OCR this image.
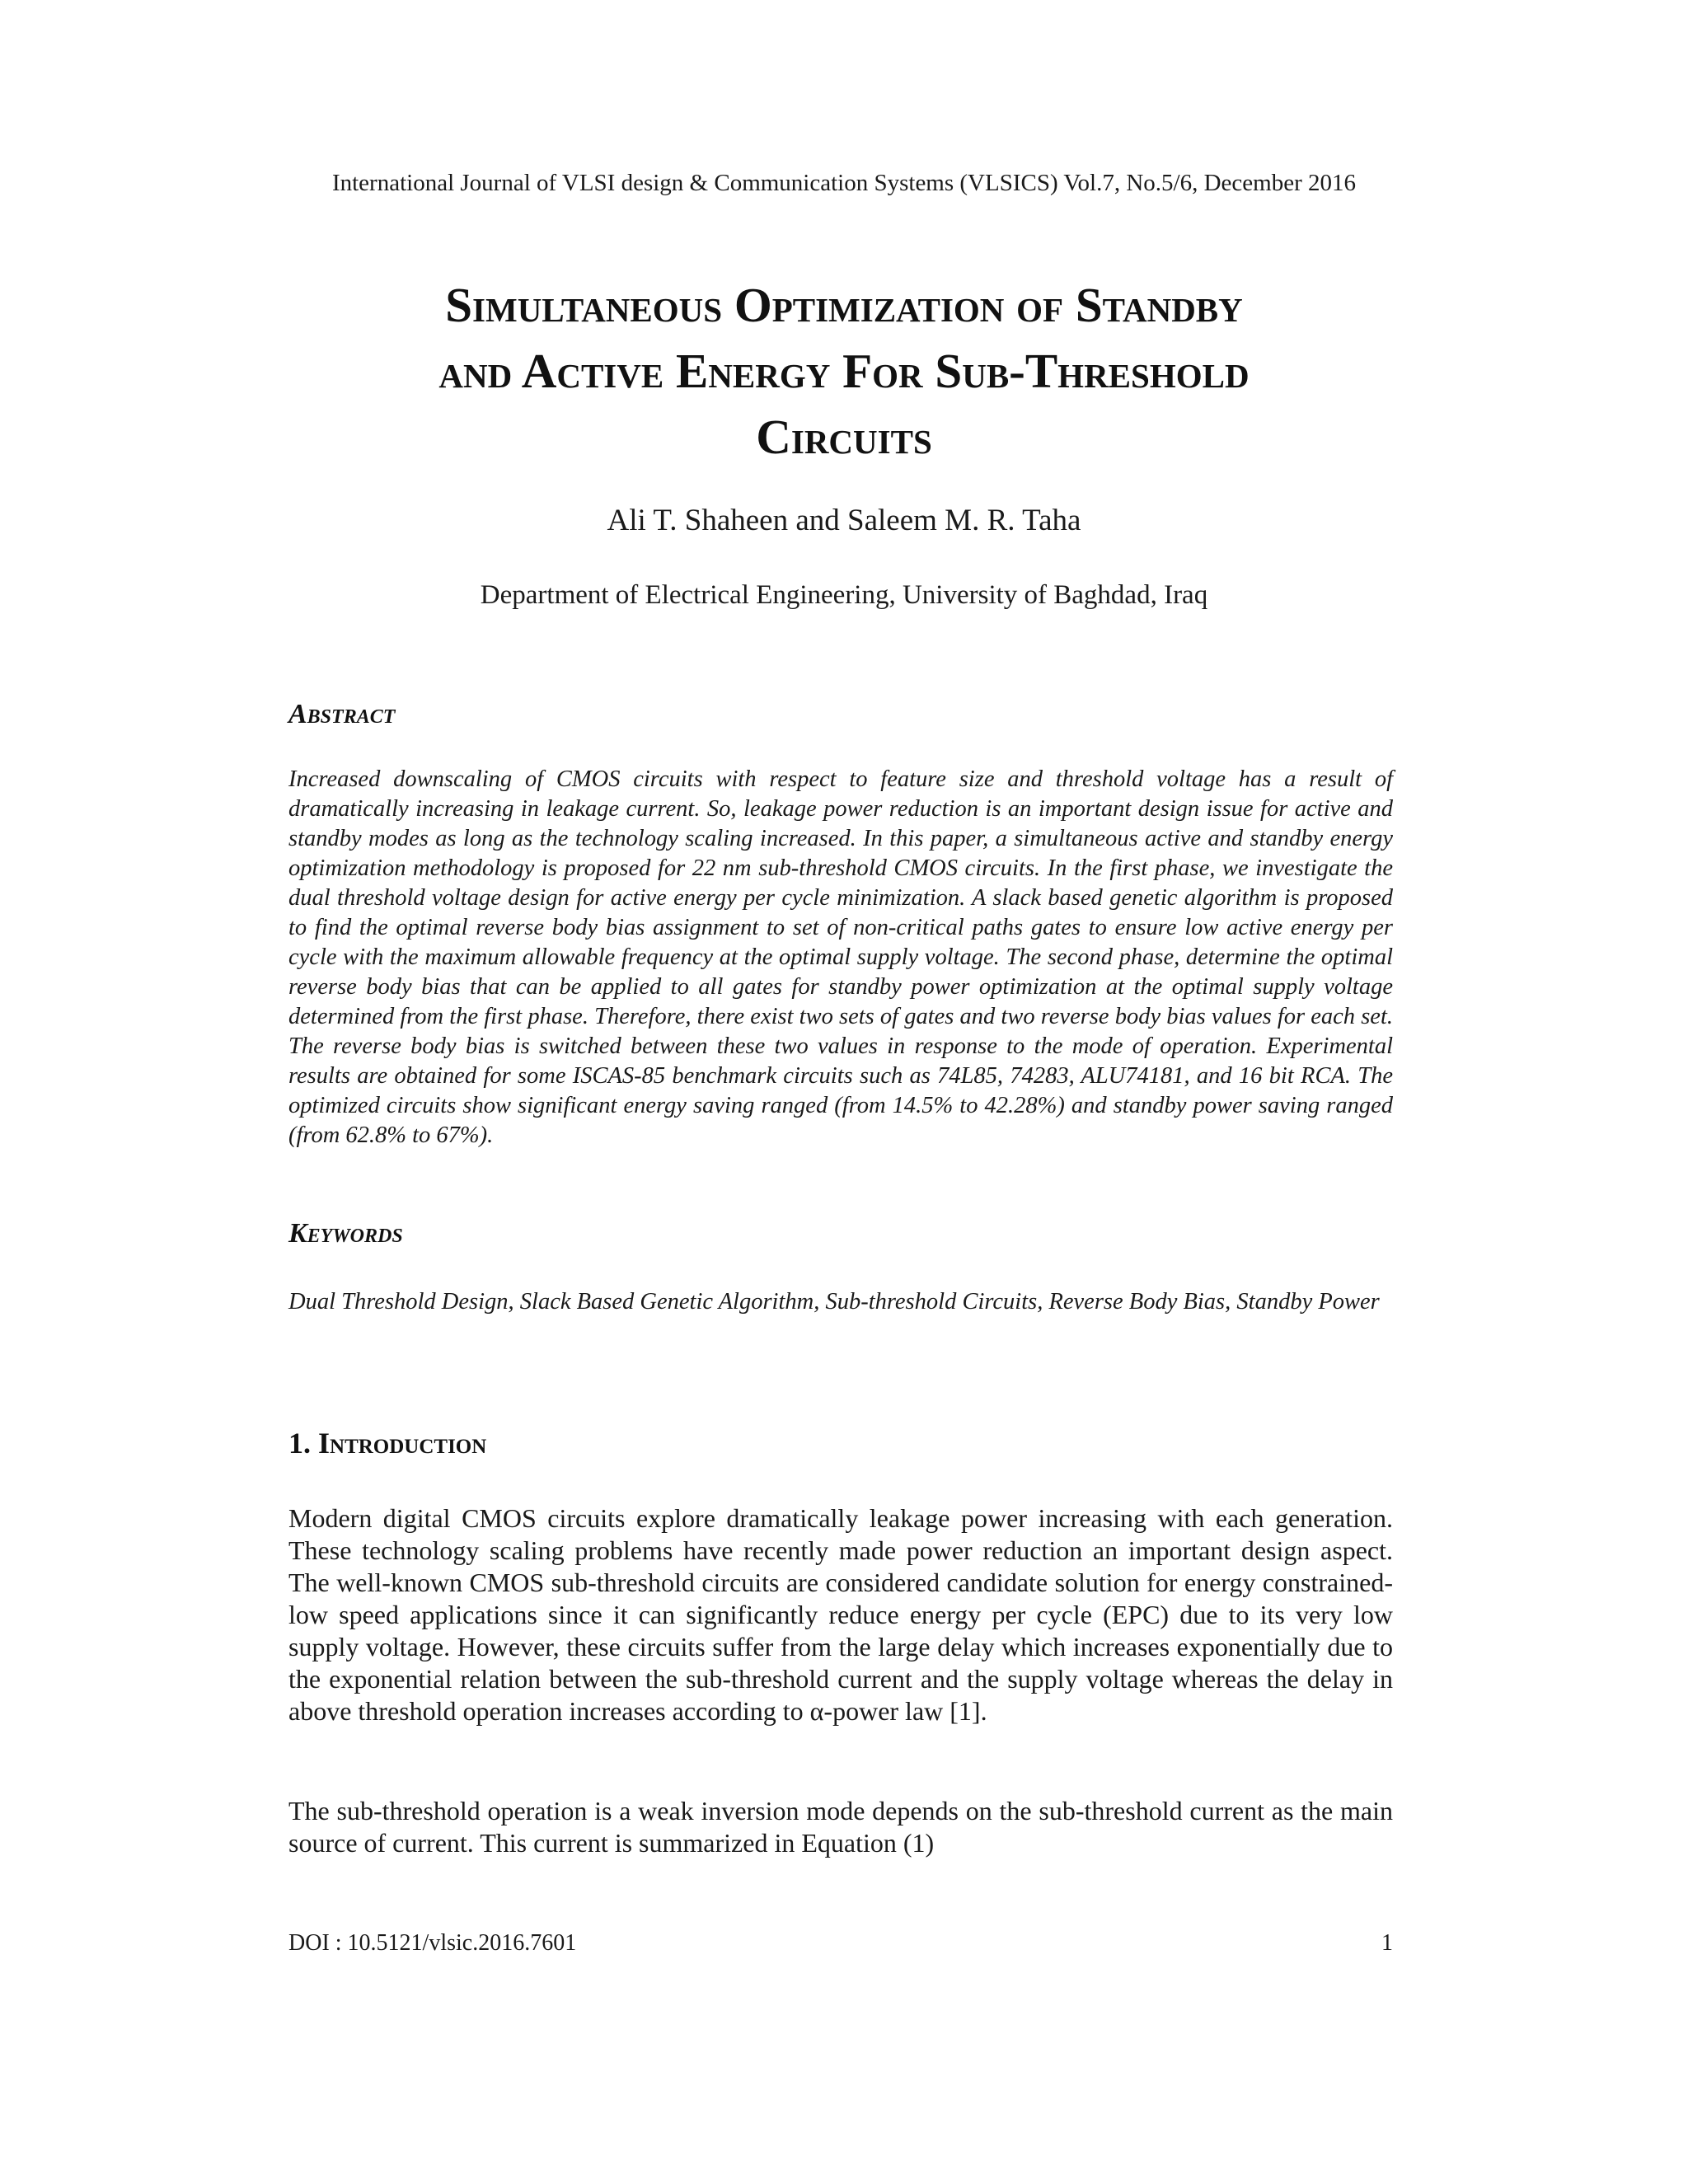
International Journal of VLSI design & Communication Systems (VLSICS) Vol.7, No.5/6, December 2016
Simultaneous Optimization of Standby
and Active Energy For Sub-Threshold
Circuits
Ali T. Shaheen and Saleem M. R. Taha
Department of Electrical Engineering, University of Baghdad, Iraq
Abstract
Increased downscaling of CMOS circuits with respect to feature size and threshold voltage has a result of dramatically increasing in leakage current. So, leakage power reduction is an important design issue for active and standby modes as long as the technology scaling increased. In this paper, a simultaneous active and standby energy optimization methodology is proposed for 22 nm sub-threshold CMOS circuits. In the first phase, we investigate the dual threshold voltage design for active energy per cycle minimization. A slack based genetic algorithm is proposed to find the optimal reverse body bias assignment to set of non-critical paths gates to ensure low active energy per cycle with the maximum allowable frequency at the optimal supply voltage. The second phase, determine the optimal reverse body bias that can be applied to all gates for standby power optimization at the optimal supply voltage determined from the first phase. Therefore, there exist two sets of gates and two reverse body bias values for each set. The reverse body bias is switched between these two values in response to the mode of operation. Experimental results are obtained for some ISCAS-85 benchmark circuits such as 74L85, 74283, ALU74181, and 16 bit RCA. The optimized circuits show significant energy saving ranged (from 14.5% to 42.28%) and standby power saving ranged (from 62.8% to 67%).
Keywords
Dual Threshold Design, Slack Based Genetic Algorithm, Sub-threshold Circuits, Reverse Body Bias, Standby Power
1. Introduction

Modern digital CMOS circuits explore dramatically leakage power increasing with each generation. These technology scaling problems have recently made power reduction an important design aspect. The well-known CMOS sub-threshold circuits are considered candidate solution for energy constrained-low speed applications since it can significantly reduce energy per cycle (EPC) due to its very low supply voltage. However, these circuits suffer from the large delay which increases exponentially due to the exponential relation between the sub-threshold current and the supply voltage whereas the delay in above threshold operation increases according to α-power law [1].

The sub-threshold operation is a weak inversion mode depends on the sub-threshold current as the main source of current. This current is summarized in Equation (1)

DOI : 10.5121/vlsic.2016.7601	1
